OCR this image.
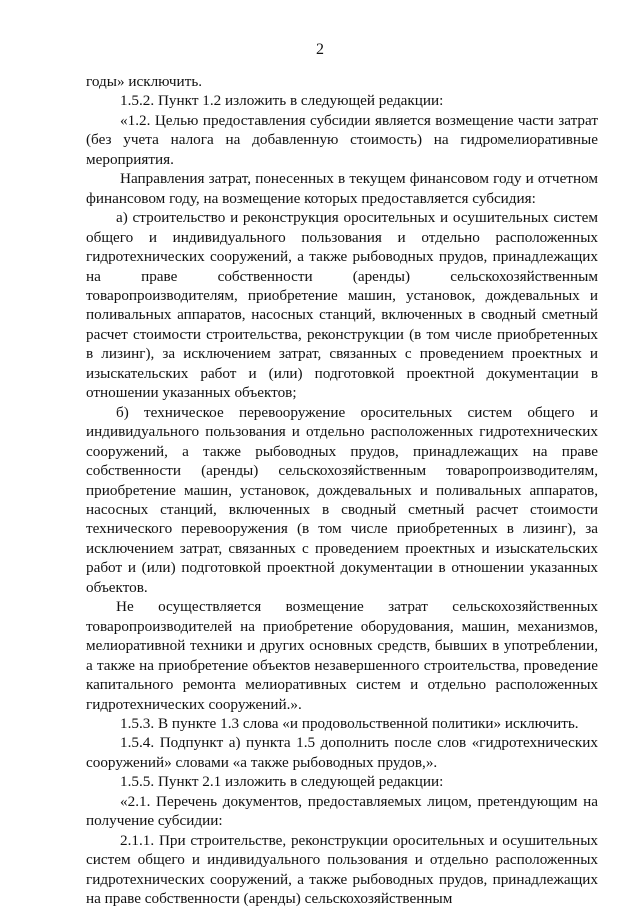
2

годы» исключить.

1.5.2. Пункт 1.2 изложить в следующей редакции:

«1.2. Целью предоставления субсидии является возмещение части затрат (без учета налога на добавленную стоимость) на гидромелиоративные мероприятия.

Направления затрат, понесенных в текущем финансовом году и отчетном финансовом году, на возмещение которых предоставляется субсидия:

а) строительство и реконструкция оросительных и осушительных систем общего и индивидуального пользования и отдельно расположенных гидротехнических сооружений, а также рыбоводных прудов, принадлежащих на праве собственности (аренды) сельскохозяйственным товаропроизводителям, приобретение машин, установок, дождевальных и поливальных аппаратов, насосных станций, включенных в сводный сметный расчет стоимости строительства, реконструкции (в том числе приобретенных в лизинг), за исключением затрат, связанных с проведением проектных и изыскательских работ и (или) подготовкой проектной документации в отношении указанных объектов;

б) техническое перевооружение оросительных систем общего и индивидуального пользования и отдельно расположенных гидротехнических сооружений, а также рыбоводных прудов, принадлежащих на праве собственности (аренды) сельскохозяйственным товаропроизводителям, приобретение машин, установок, дождевальных и поливальных аппаратов, насосных станций, включенных в сводный сметный расчет стоимости технического перевооружения (в том числе приобретенных в лизинг), за исключением затрат, связанных с проведением проектных и изыскательских работ и (или) подготовкой проектной документации в отношении указанных объектов.

Не осуществляется возмещение затрат сельскохозяйственных товаропроизводителей на приобретение оборудования, машин, механизмов, мелиоративной техники и других основных средств, бывших в употреблении, а также на приобретение объектов незавершенного строительства, проведение капитального ремонта мелиоративных систем и отдельно расположенных гидротехнических сооружений.».

1.5.3. В пункте 1.3 слова «и продовольственной политики» исключить.

1.5.4. Подпункт а) пункта 1.5 дополнить после слов «гидротехнических сооружений» словами «а также рыбоводных прудов,».

1.5.5. Пункт 2.1 изложить в следующей редакции:

«2.1. Перечень документов, предоставляемых лицом, претендующим на получение субсидии:

2.1.1. При строительстве, реконструкции оросительных и осушительных систем общего и индивидуального пользования и отдельно расположенных гидротехнических сооружений, а также рыбоводных прудов, принадлежащих на праве собственности (аренды) сельскохозяйственным
